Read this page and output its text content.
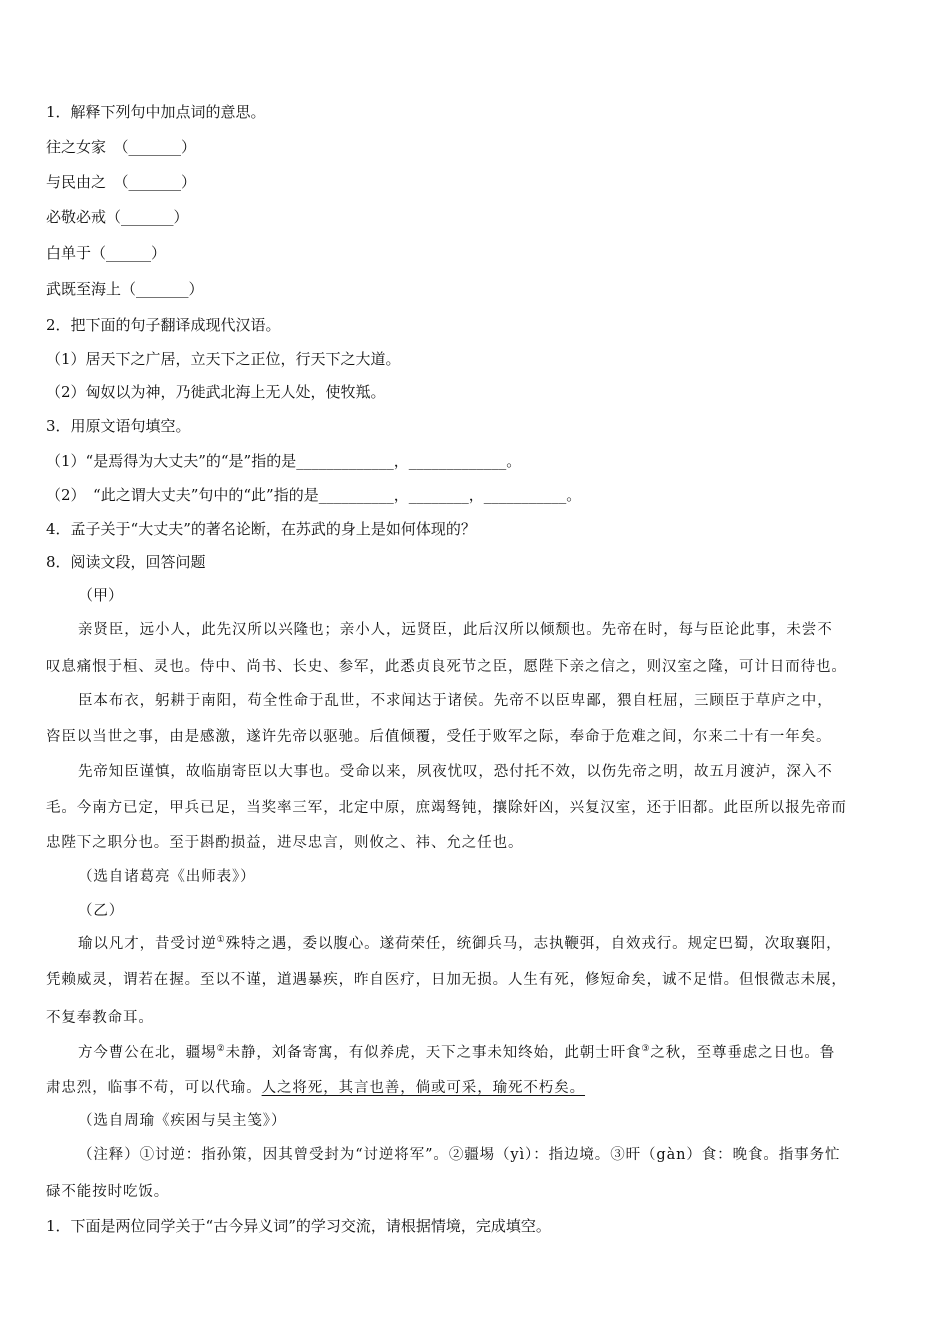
1．解释下列句中加点词的意思。
往之女家　（_______）
与民由之　（_______）
必敬必戒（_______）
白单于（______）
武既至海上（_______）
2．把下面的句子翻译成现代汉语。
（1）居天下之广居，立天下之正位，行天下之大道。
（2）匈奴以为神，乃徙武北海上无人处，使牧羝。
3．用原文语句填空。
（1）“是焉得为大丈夫”的“是”指的是_____________，_____________。
（2）　“此之谓大丈夫”句中的“此”指的是__________，________，___________。
4．孟子关于“大丈夫”的著名论断，在苏武的身上是如何体现的？
8．阅读文段，回答问题
（甲）
亲贤臣，远小人，此先汉所以兴隆也；亲小人，远贤臣，此后汉所以倾颓也。先帝在时，每与臣论此事，未尝不
叹息痛恨于桓、灵也。侍中、尚书、长史、参军，此悉贞良死节之臣，愿陛下亲之信之，则汉室之隆，可计日而待也。
臣本布衣，躬耕于南阳，苟全性命于乱世，不求闻达于诸侯。先帝不以臣卑鄙，猥自枉屈，三顾臣于草庐之中，
咨臣以当世之事，由是感激，遂许先帝以驱驰。后值倾覆，受任于败军之际，奉命于危难之间，尔来二十有一年矣。
先帝知臣谨慎，故临崩寄臣以大事也。受命以来，夙夜忧叹，恐付托不效，以伤先帝之明，故五月渡泸，深入不
毛。今南方已定，甲兵已足，当奖率三军，北定中原，庶竭驽钝，攘除奸凶，兴复汉室，还于旧都。此臣所以报先帝而
忠陛下之职分也。至于斟酌损益，进尽忠言，则攸之、祎、允之任也。
（选自诸葛亮《出师表》）
（乙）
瑜以凡才，昔受讨逆①殊特之遇，委以腹心。遂荷荣任，统御兵马，志执鞭弭，自效戎行。规定巴蜀，次取襄阳，
凭赖威灵，谓若在握。至以不谨，道遇暴疾，昨自医疗，日加无损。人生有死，修短命矣，诚不足惜。但恨微志未展，
不复奉教命耳。
方今曹公在北，疆埸②未静，刘备寄寓，有似养虎，天下之事未知终始，此朝士旰食③之秋，至尊垂虑之日也。鲁
肃忠烈，临事不苟，可以代瑜。人之将死，其言也善，倘或可采，瑜死不朽矣。
（选自周瑜《疾困与吴主笺》）
（注释）①讨逆：指孙策，因其曾受封为“讨逆将军”。②疆埸（yì）：指边境。③旰（gàn）食：晚食。指事务忙
碌不能按时吃饭。
1．下面是两位同学关于“古今异义词”的学习交流，请根据情境，完成填空。
